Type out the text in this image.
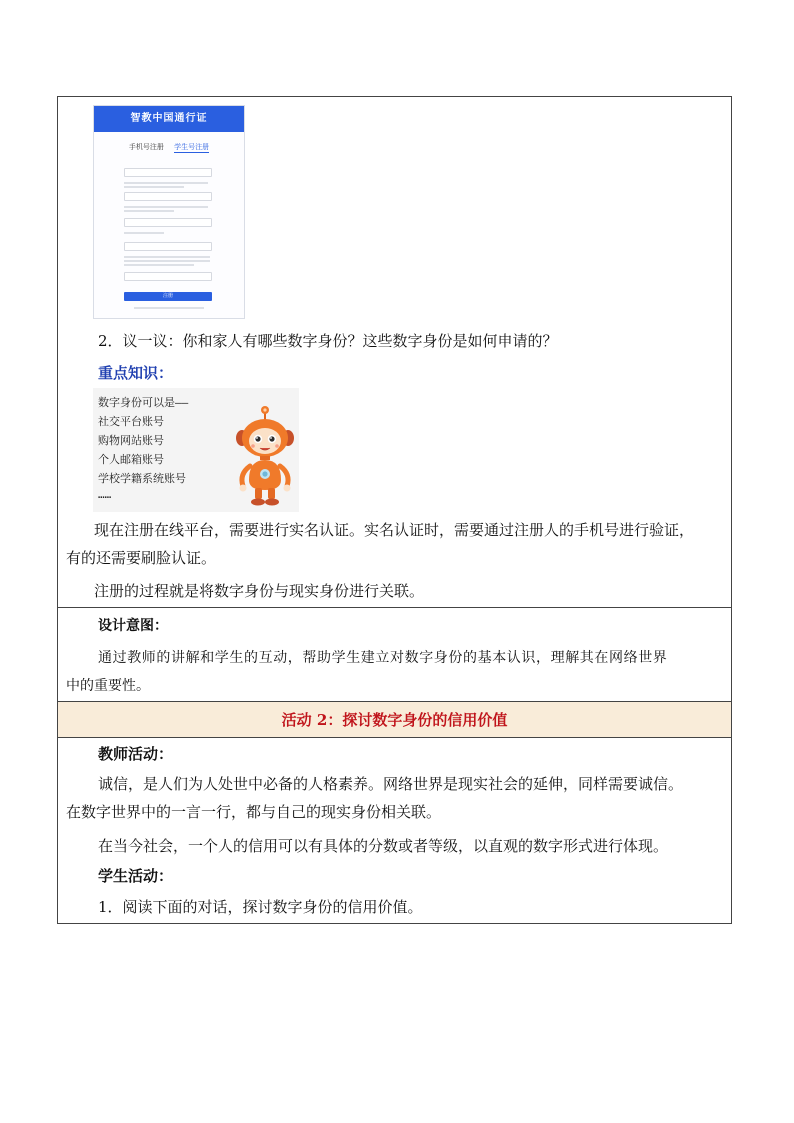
智教中国通行证
手机号注册 学生号注册
注册
2．议一议：你和家人有哪些数字身份？这些数字身份是如何申请的？
重点知识：
数字身份可以是——
社交平台账号
购物网站账号
个人邮箱账号
学校学籍系统账号
……
现在注册在线平台，需要进行实名认证。实名认证时，需要通过注册人的手机号进行验证，
有的还需要刷脸认证。
注册的过程就是将数字身份与现实身份进行关联。
设计意图：
通过教师的讲解和学生的互动，帮助学生建立对数字身份的基本认识，理解其在网络世界
中的重要性。
活动 2：探讨数字身份的信用价值
教师活动：
诚信，是人们为人处世中必备的人格素养。网络世界是现实社会的延伸，同样需要诚信。
在数字世界中的一言一行，都与自己的现实身份相关联。
在当今社会，一个人的信用可以有具体的分数或者等级，以直观的数字形式进行体现。
学生活动：
1．阅读下面的对话，探讨数字身份的信用价值。
